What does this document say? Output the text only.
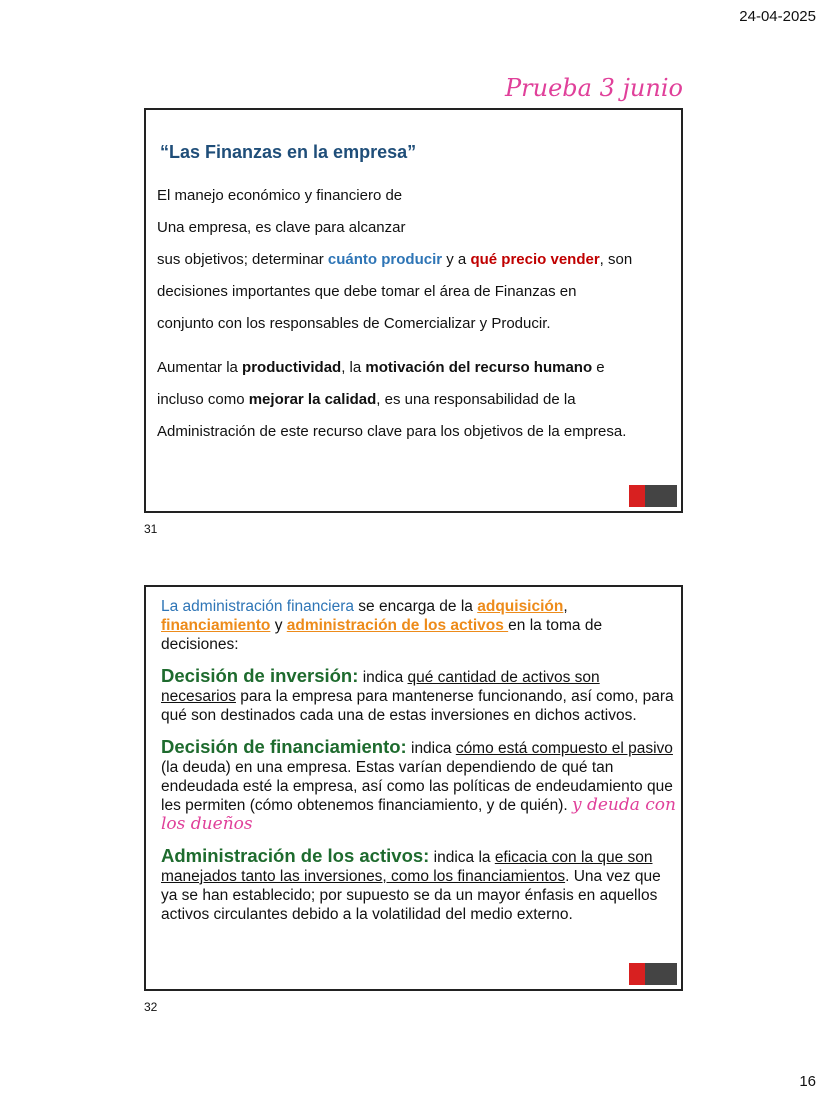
24-04-2025
Prueba 3 junio
“Las Finanzas en la empresa”
El manejo económico y financiero de
Una empresa, es clave para alcanzar
sus objetivos; determinar cuánto producir y a qué precio vender, son
decisiones importantes que debe tomar el área de Finanzas en
conjunto con los responsables de Comercializar y Producir.
Aumentar la productividad, la motivación del recurso humano e
incluso como mejorar la calidad, es una responsabilidad de la
Administración de este recurso clave para los objetivos de la empresa.
31

La administración financiera se encarga de la adquisición, financiamiento y administración de los activos en la toma de decisiones:

Decisión de inversión: indica qué cantidad de activos son necesarios para la empresa para mantenerse funcionando, así como, para qué son destinados cada una de estas inversiones en dichos activos.

Decisión de financiamiento: indica cómo está compuesto el pasivo (la deuda) en una empresa. Estas varían dependiendo de qué tan endeudada esté la empresa, así como las políticas de endeudamiento que les permiten (cómo obtenemos financiamiento, y de quién). y deuda con los dueños

Administración de los activos: indica la eficacia con la que son manejados tanto las inversiones, como los financiamientos. Una vez que ya se han establecido; por supuesto se da un mayor énfasis en aquellos activos circulantes debido a la volatilidad del medio externo.

32
16
